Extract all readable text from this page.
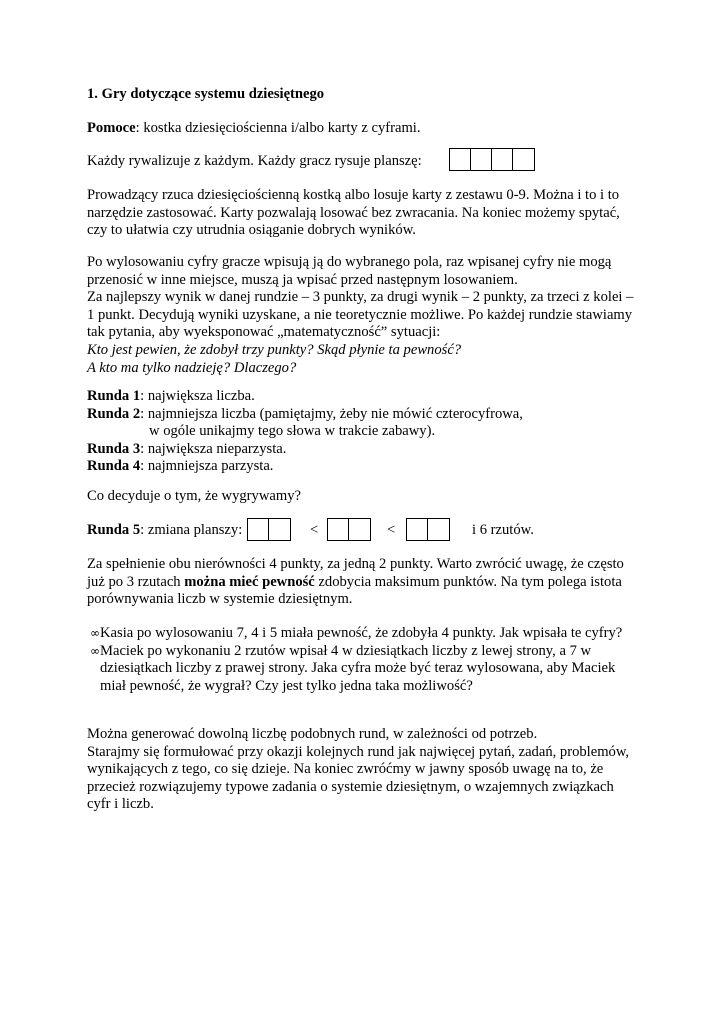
1. Gry dotyczące systemu dziesiętnego
Pomoce: kostka dziesięciościenna i/albo karty z cyframi.
Każdy rywalizuje z każdym. Każdy gracz rysuje planszę:
Prowadzący rzuca dziesięciościenną kostką albo losuje karty z zestawu 0-9. Można i to i to
narzędzie zastosować. Karty pozwalają losować bez zwracania. Na koniec możemy spytać,
czy to ułatwia czy utrudnia osiąganie dobrych wyników.
Po wylosowaniu cyfry gracze wpisują ją do wybranego pola, raz wpisanej cyfry nie mogą
przenosić w inne miejsce, muszą ja wpisać przed następnym losowaniem.
Za najlepszy wynik w danej rundzie – 3 punkty, za drugi wynik – 2 punkty, za trzeci z kolei –
1 punkt. Decydują wyniki uzyskane, a nie teoretycznie możliwe. Po każdej rundzie stawiamy
tak pytania, aby wyeksponować „matematyczność” sytuacji:
Kto jest pewien, że zdobył trzy punkty? Skąd płynie ta pewność?
A kto ma tylko nadzieję? Dlaczego?
Runda 1: największa liczba.
Runda 2: najmniejsza liczba (pamiętajmy, żeby nie mówić czterocyfrowa,
w ogóle unikajmy tego słowa w trakcie zabawy).
Runda 3: największa nieparzysta.
Runda 4: najmniejsza parzysta.
Co decyduje o tym, że wygrywamy?
Runda 5: zmiana planszy:	<	<	i 6 rzutów.
Za spełnienie obu nierówności 4 punkty, za jedną 2 punkty. Warto zwrócić uwagę, że często
już po 3 rzutach można mieć pewność zdobycia maksimum punktów. Na tym polega istota
porównywania liczb w systemie dziesiętnym.
∞Kasia po wylosowaniu 7, 4 i 5 miała pewność, że zdobyła 4 punkty. Jak wpisała te cyfry?
∞Maciek po wykonaniu 2 rzutów wpisał 4 w dziesiątkach liczby z lewej strony, a 7 w
dziesiątkach liczby z prawej strony. Jaka cyfra może być teraz wylosowana, aby Maciek
miał pewność, że wygrał? Czy jest tylko jedna taka możliwość?
Można generować dowolną liczbę podobnych rund, w zależności od potrzeb.
Starajmy się formułować przy okazji kolejnych rund jak najwięcej pytań, zadań, problemów,
wynikających z tego, co się dzieje. Na koniec zwróćmy w jawny sposób uwagę na to, że
przecież rozwiązujemy typowe zadania o systemie dziesiętnym, o wzajemnych związkach
cyfr i liczb.
